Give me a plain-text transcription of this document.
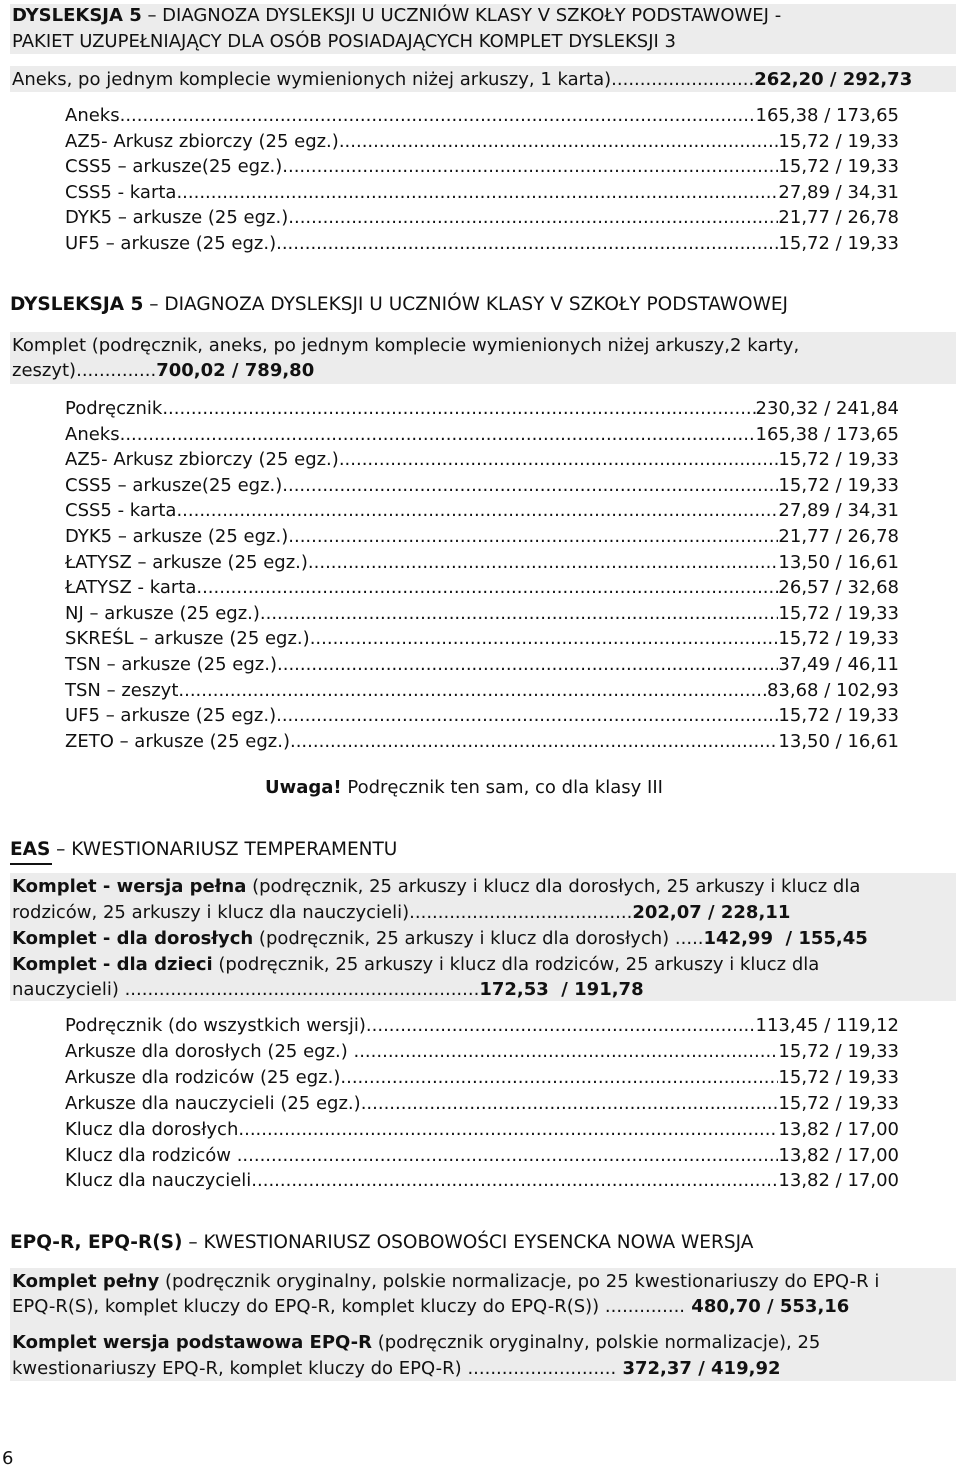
DYSLEKSJA 5 – DIAGNOZA DYSLEKSJI U UCZNIÓW KLASY V SZKOŁY PODSTAWOWEJ -
PAKIET UZUPEŁNIAJĄCY DLA OSÓB POSIADAJĄCYCH KOMPLET DYSLEKSJI 3
Aneks, po jednym komplecie wymienionych niżej arkuszy, 1 karta).........................262,20 / 292,73
Aneks .....	165,38 / 173,65
AZ5- Arkusz zbiorczy (25 egz.) .....	15,72 / 19,33
CSS5 – arkusze(25 egz.) .....	15,72 / 19,33
CSS5 - karta .....	27,89 / 34,31
DYK5 – arkusze (25 egz.) .....	21,77 / 26,78
UF5 – arkusze (25 egz.) .....	15,72 / 19,33
DYSLEKSJA 5 – DIAGNOZA DYSLEKSJI U UCZNIÓW KLASY V SZKOŁY PODSTAWOWEJ
Komplet (podręcznik, aneks, po jednym komplecie wymienionych niżej arkuszy,2 karty,
zeszyt)..............700,02 / 789,80
Podręcznik .....	230,32 / 241,84
Aneks .....	165,38 / 173,65
AZ5- Arkusz zbiorczy (25 egz.) .....	15,72 / 19,33
CSS5 – arkusze(25 egz.) .....	15,72 / 19,33
CSS5 - karta .....	27,89 / 34,31
DYK5 – arkusze (25 egz.) .....	21,77 / 26,78
ŁATYSZ – arkusze (25 egz.) .....	13,50 / 16,61
ŁATYSZ - karta .....	26,57 / 32,68
NJ – arkusze (25 egz.) .....	15,72 / 19,33
SKREŚL – arkusze (25 egz.) .....	15,72 / 19,33
TSN – arkusze (25 egz.) .....	37,49 / 46,11
TSN – zeszyt .....	83,68 / 102,93
UF5 – arkusze (25 egz.) .....	15,72 / 19,33
ZETO – arkusze (25 egz.) .....	13,50 / 16,61
Uwaga! Podręcznik ten sam, co dla klasy III
EAS – KWESTIONARIUSZ TEMPERAMENTU
Komplet - wersja pełna (podręcznik, 25 arkuszy i klucz dla dorosłych, 25 arkuszy i klucz dla
rodziców, 25 arkuszy i klucz dla nauczycieli).......................................202,07 / 228,11
Komplet - dla dorosłych (podręcznik, 25 arkuszy i klucz dla dorosłych) .....142,99  / 155,45
Komplet - dla dzieci (podręcznik, 25 arkuszy i klucz dla rodziców, 25 arkuszy i klucz dla
nauczycieli) ..............................................................172,53  / 191,78
Podręcznik (do wszystkich wersji) .....	113,45 / 119,12
Arkusze dla dorosłych (25 egz.) .....	15,72 / 19,33
Arkusze dla rodziców (25 egz.) .....	15,72 / 19,33
Arkusze dla nauczycieli (25 egz.) .....	15,72 / 19,33
Klucz dla dorosłych .....	13,82 / 17,00
Klucz dla rodziców .....	13,82 / 17,00
Klucz dla nauczycieli .....	13,82 / 17,00
EPQ-R, EPQ-R(S) – KWESTIONARIUSZ OSOBOWOŚCI EYSENCKA NOWA WERSJA
Komplet pełny (podręcznik oryginalny, polskie normalizacje, po 25 kwestionariuszy do EPQ-R i
EPQ-R(S), komplet kluczy do EPQ-R, komplet kluczy do EPQ-R(S)) .............. 480,70 / 553,16
Komplet wersja podstawowa EPQ-R (podręcznik oryginalny, polskie normalizacje), 25
kwestionariuszy EPQ-R, komplet kluczy do EPQ-R) .......................... 372,37 / 419,92
6
